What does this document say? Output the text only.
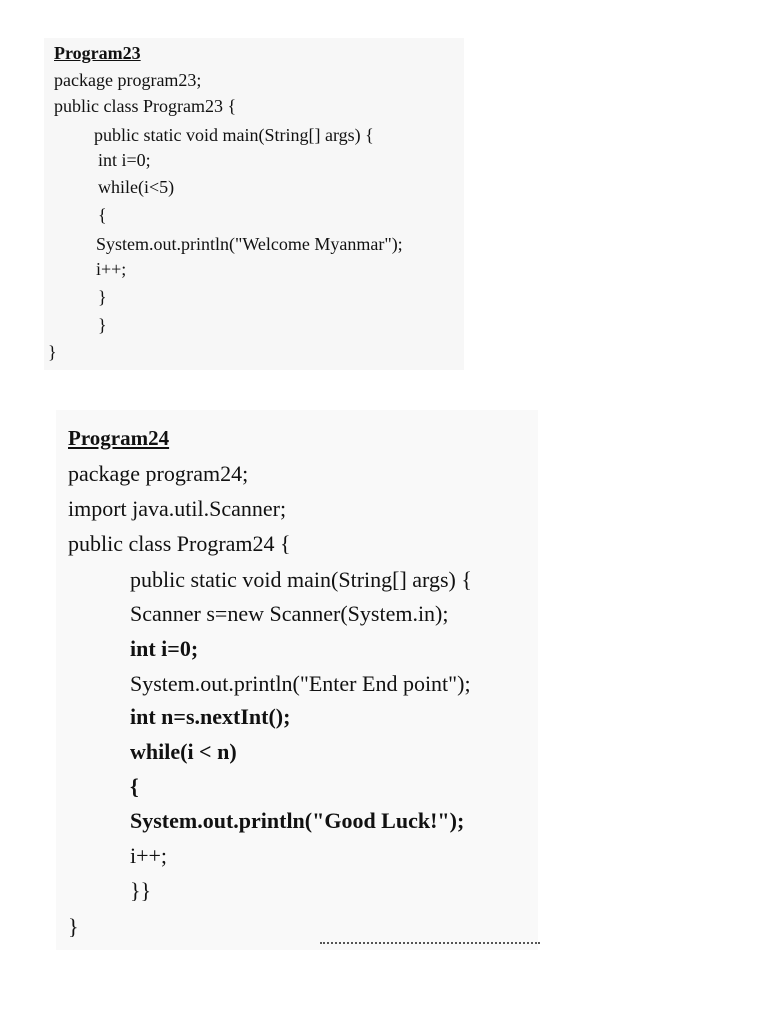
Program23
package program23;
public class Program23 {
public static void main(String[] args) {
int i=0;
while(i<5)
{
System.out.println("Welcome Myanmar");
i++;
}
}
}
Program24
package program24;
import java.util.Scanner;
public class Program24 {
public static void main(String[] args) {
Scanner s=new Scanner(System.in);
int i=0;
System.out.println("Enter End point");
int n=s.nextInt();
while(i < n)
{
System.out.println("Good Luck!");
i++;
}}
}
